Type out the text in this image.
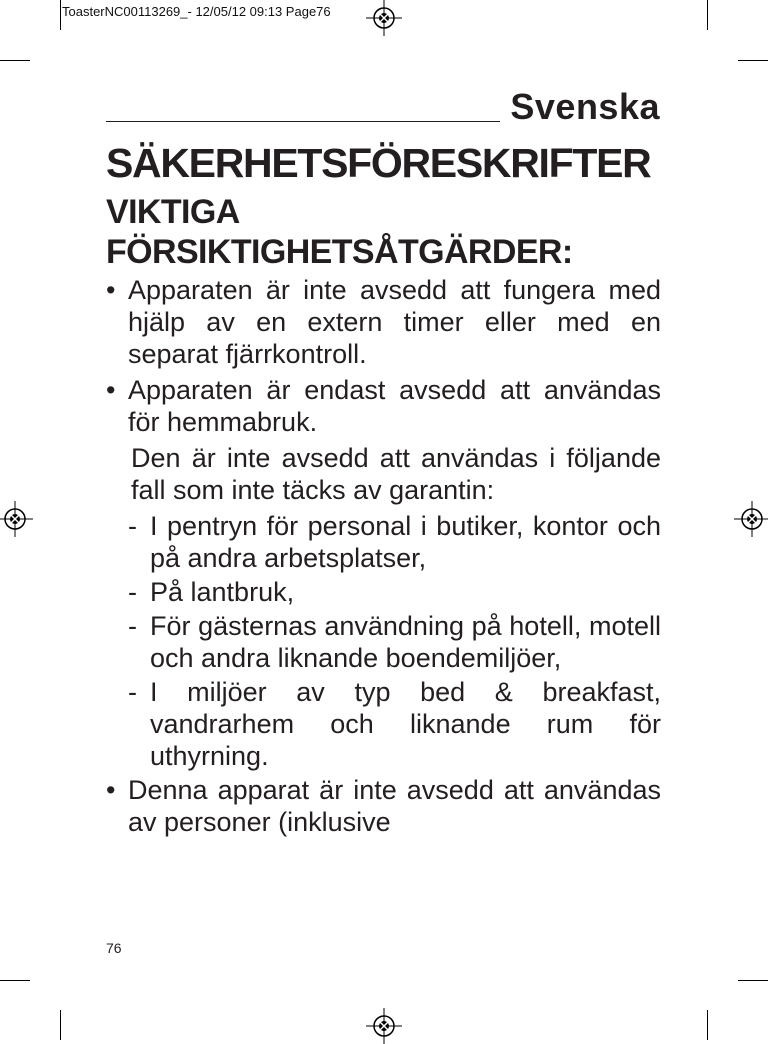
ToasterNC00113269_- 12/05/12 09:13 Page76
Svenska
SÄKERHETSFÖRESKRIFTER
VIKTIGA
FÖRSIKTIGHETSÅTGÄRDER:
• Apparaten är inte avsedd att fungera med hjälp av en extern timer eller med en separat fjärrkontroll.
• Apparaten är endast avsedd att användas för hemmabruk.
Den är inte avsedd att användas i följande fall som inte täcks av garantin:
- I pentryn för personal i butiker, kontor och på andra arbetsplatser,
- På lantbruk,
- För gästernas användning på hotell, motell och andra liknande boendemiljöer,
- I miljöer av typ bed & breakfast, vandrarhem och liknande rum för uthyrning.
• Denna apparat är inte avsedd att användas av personer (inklusive
76
